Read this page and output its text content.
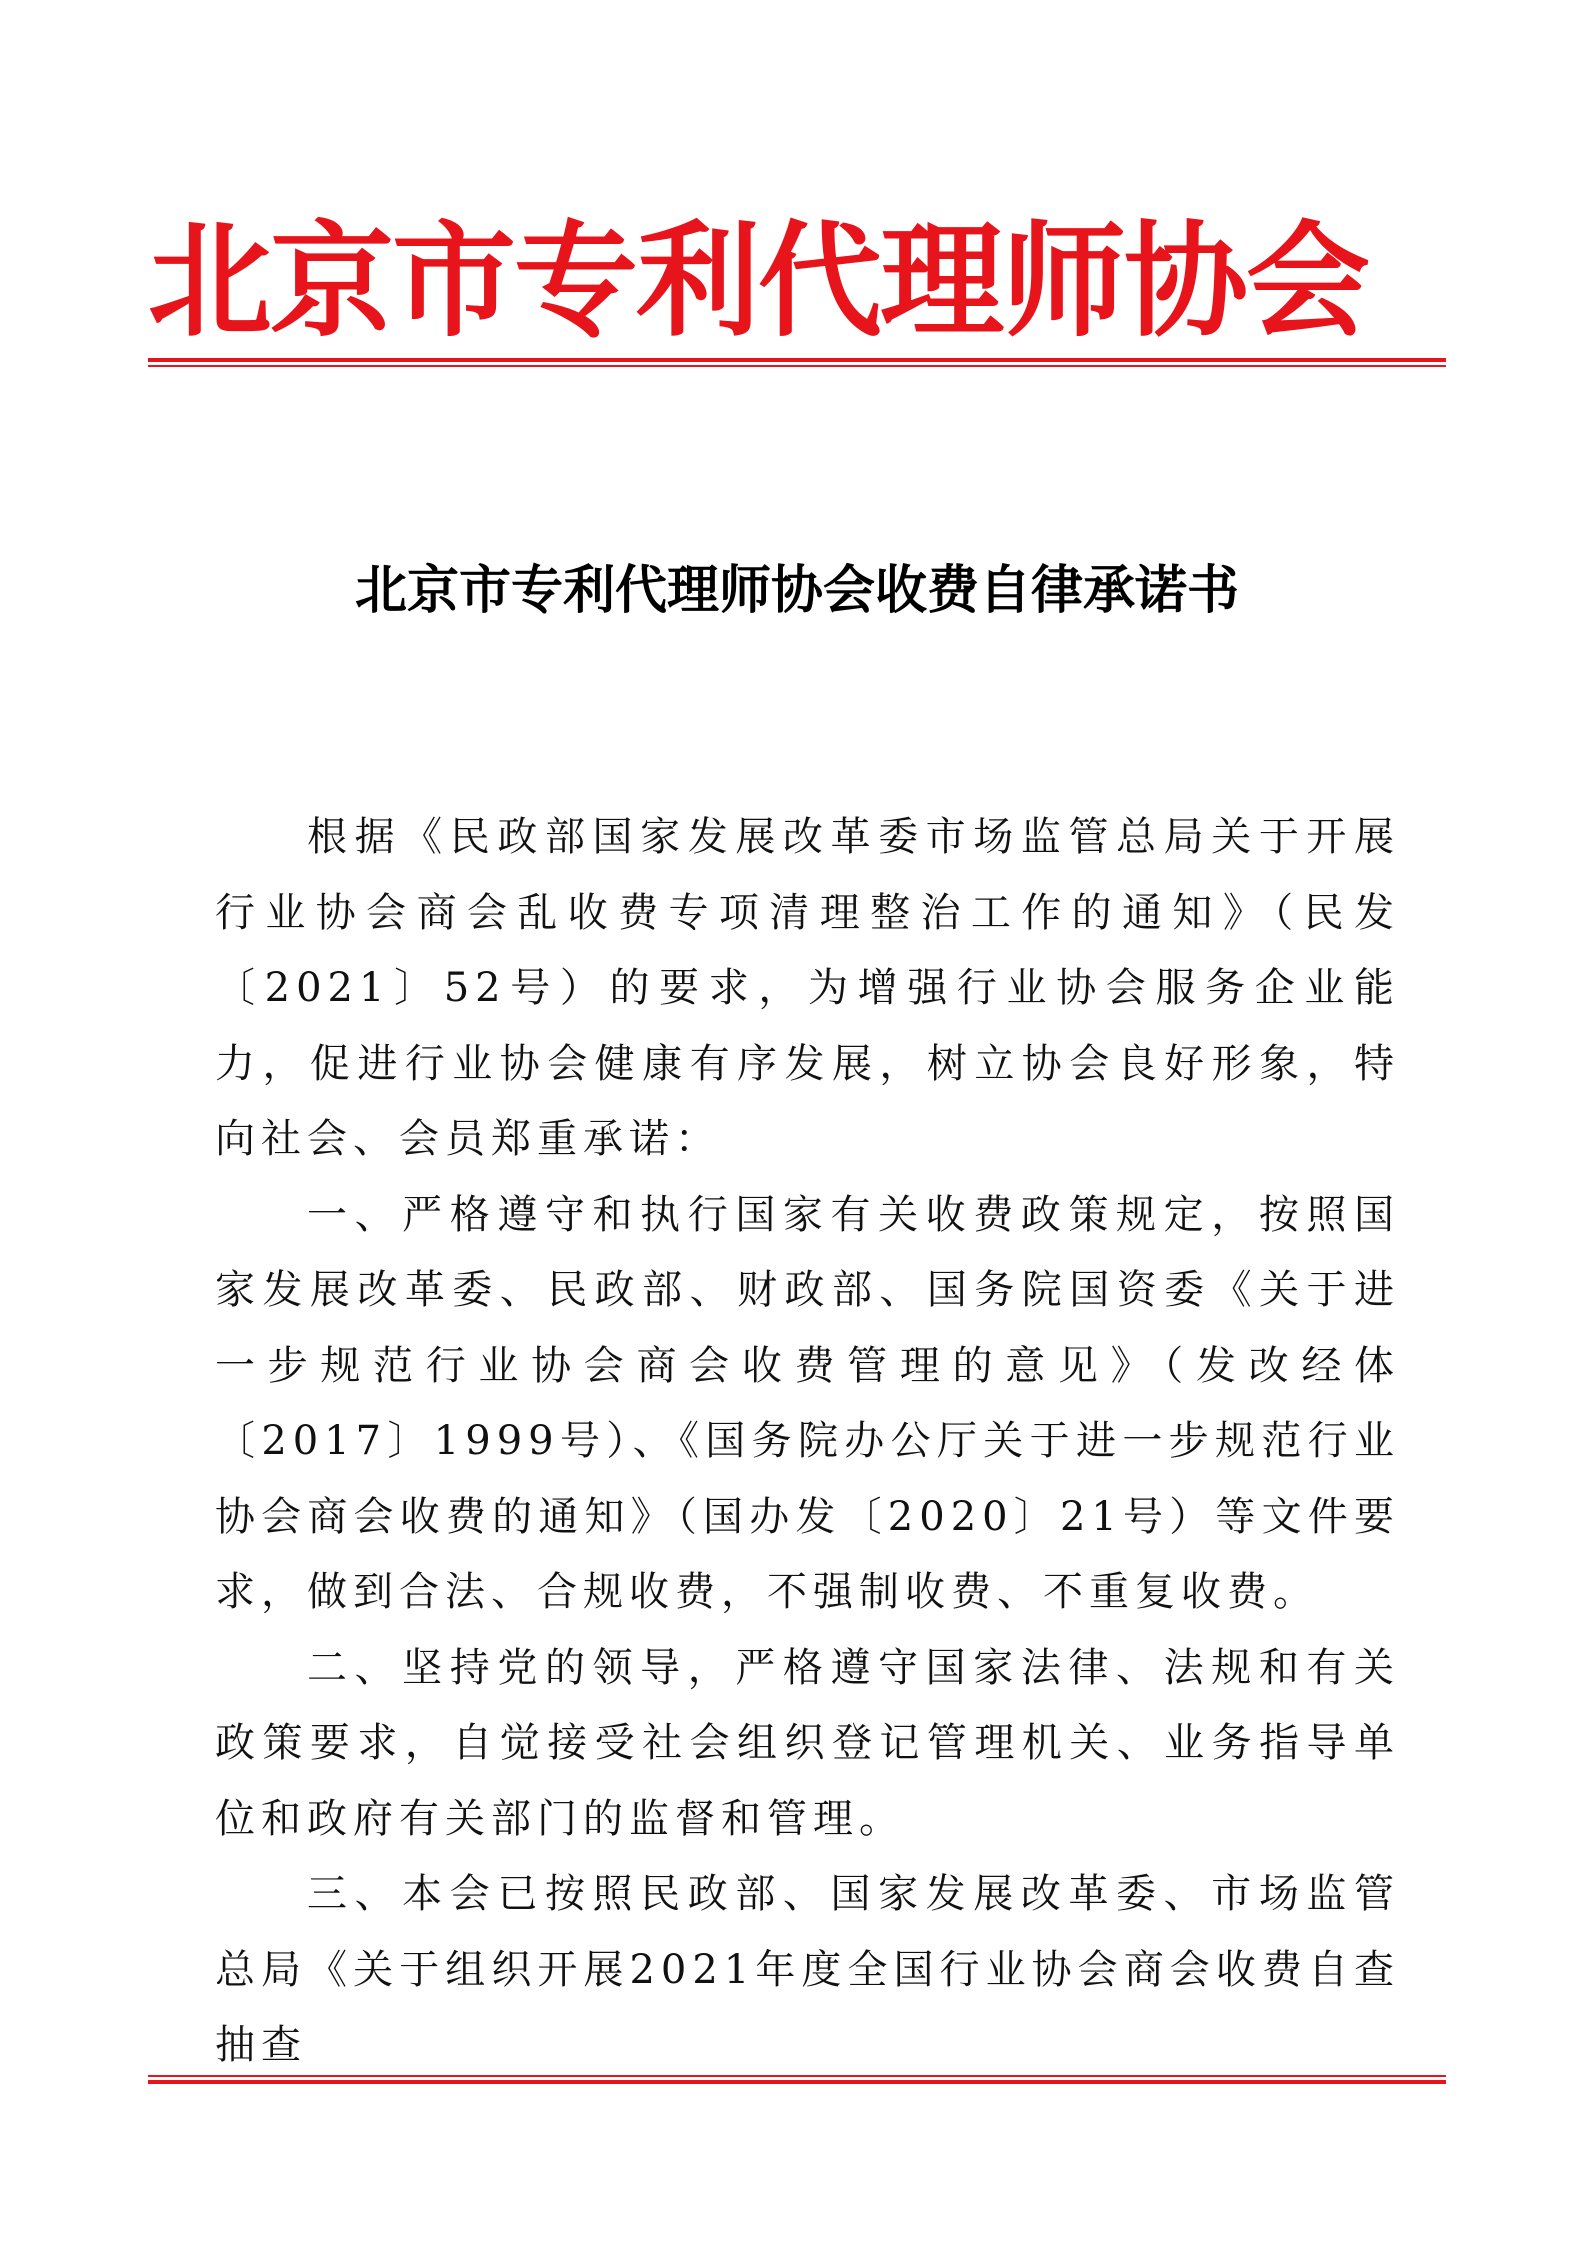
北京市专利代理师协会
北京市专利代理师协会收费自律承诺书

根据《民政部国家发展改革委市场监管总局关于开展行业协会商会乱收费专项清理整治工作的通知》（民发〔2021〕52号）的要求，为增强行业协会服务企业能力，促进行业协会健康有序发展，树立协会良好形象，特向社会、会员郑重承诺：

一、严格遵守和执行国家有关收费政策规定，按照国家发展改革委、民政部、财政部、国务院国资委《关于进一步规范行业协会商会收费管理的意见》（发改经体〔2017〕1999号）、《国务院办公厅关于进一步规范行业协会商会收费的通知》（国办发〔2020〕21号）等文件要求，做到合法、合规收费，不强制收费、不重复收费。

二、坚持党的领导，严格遵守国家法律、法规和有关政策要求，自觉接受社会组织登记管理机关、业务指导单位和政府有关部门的监督和管理。

三、本会已按照民政部、国家发展改革委、市场监管总局《关于组织开展2021年度全国行业协会商会收费自查抽查
